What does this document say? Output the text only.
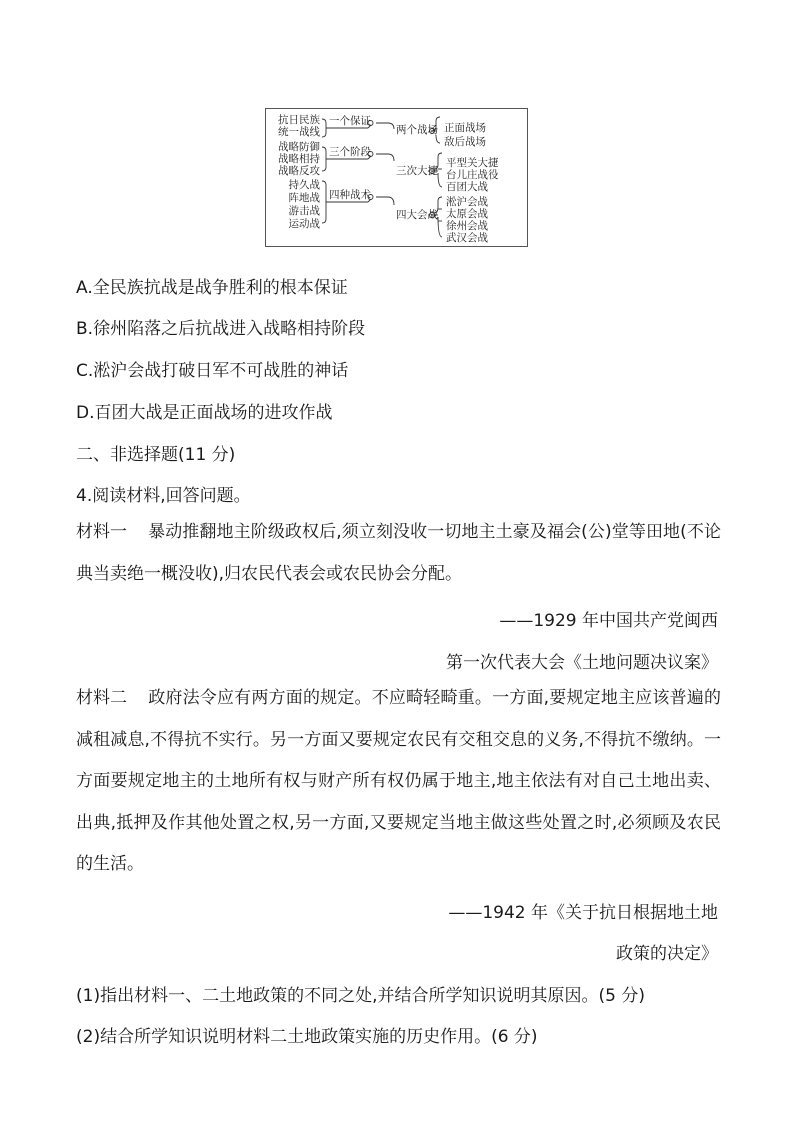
抗日民族
统一战线
战略防御
战略相持
战略反攻
持久战
阵地战
游击战
运动战
一个保证
三个阶段
四种战术
两个战场
三次大捷
四大会战
正面战场
敌后战场
平型关大捷
台儿庄战役
百团大战
淞沪会战
太原会战
徐州会战
武汉会战
A.全民族抗战是战争胜利的根本保证
B.徐州陷落之后抗战进入战略相持阶段
C.淞沪会战打破日军不可战胜的神话
D.百团大战是正面战场的进攻作战
二、非选择题(11 分)
4.阅读材料,回答问题。
材料一 暴动推翻地主阶级政权后,须立刻没收一切地主土豪及福会(公)堂等田地(不论典当卖绝一概没收),归农民代表会或农民协会分配。
——1929 年中国共产党闽西
第一次代表大会《土地问题决议案》
材料二 政府法令应有两方面的规定。不应畸轻畸重。一方面,要规定地主应该普遍的减租减息,不得抗不实行。另一方面又要规定农民有交租交息的义务,不得抗不缴纳。一方面要规定地主的土地所有权与财产所有权仍属于地主,地主依法有对自己土地出卖、出典,抵押及作其他处置之权,另一方面,又要规定当地主做这些处置之时,必须顾及农民的生活。
——1942 年《关于抗日根据地土地
政策的决定》
(1)指出材料一、二土地政策的不同之处,并结合所学知识说明其原因。(5 分)
(2)结合所学知识说明材料二土地政策实施的历史作用。(6 分)
